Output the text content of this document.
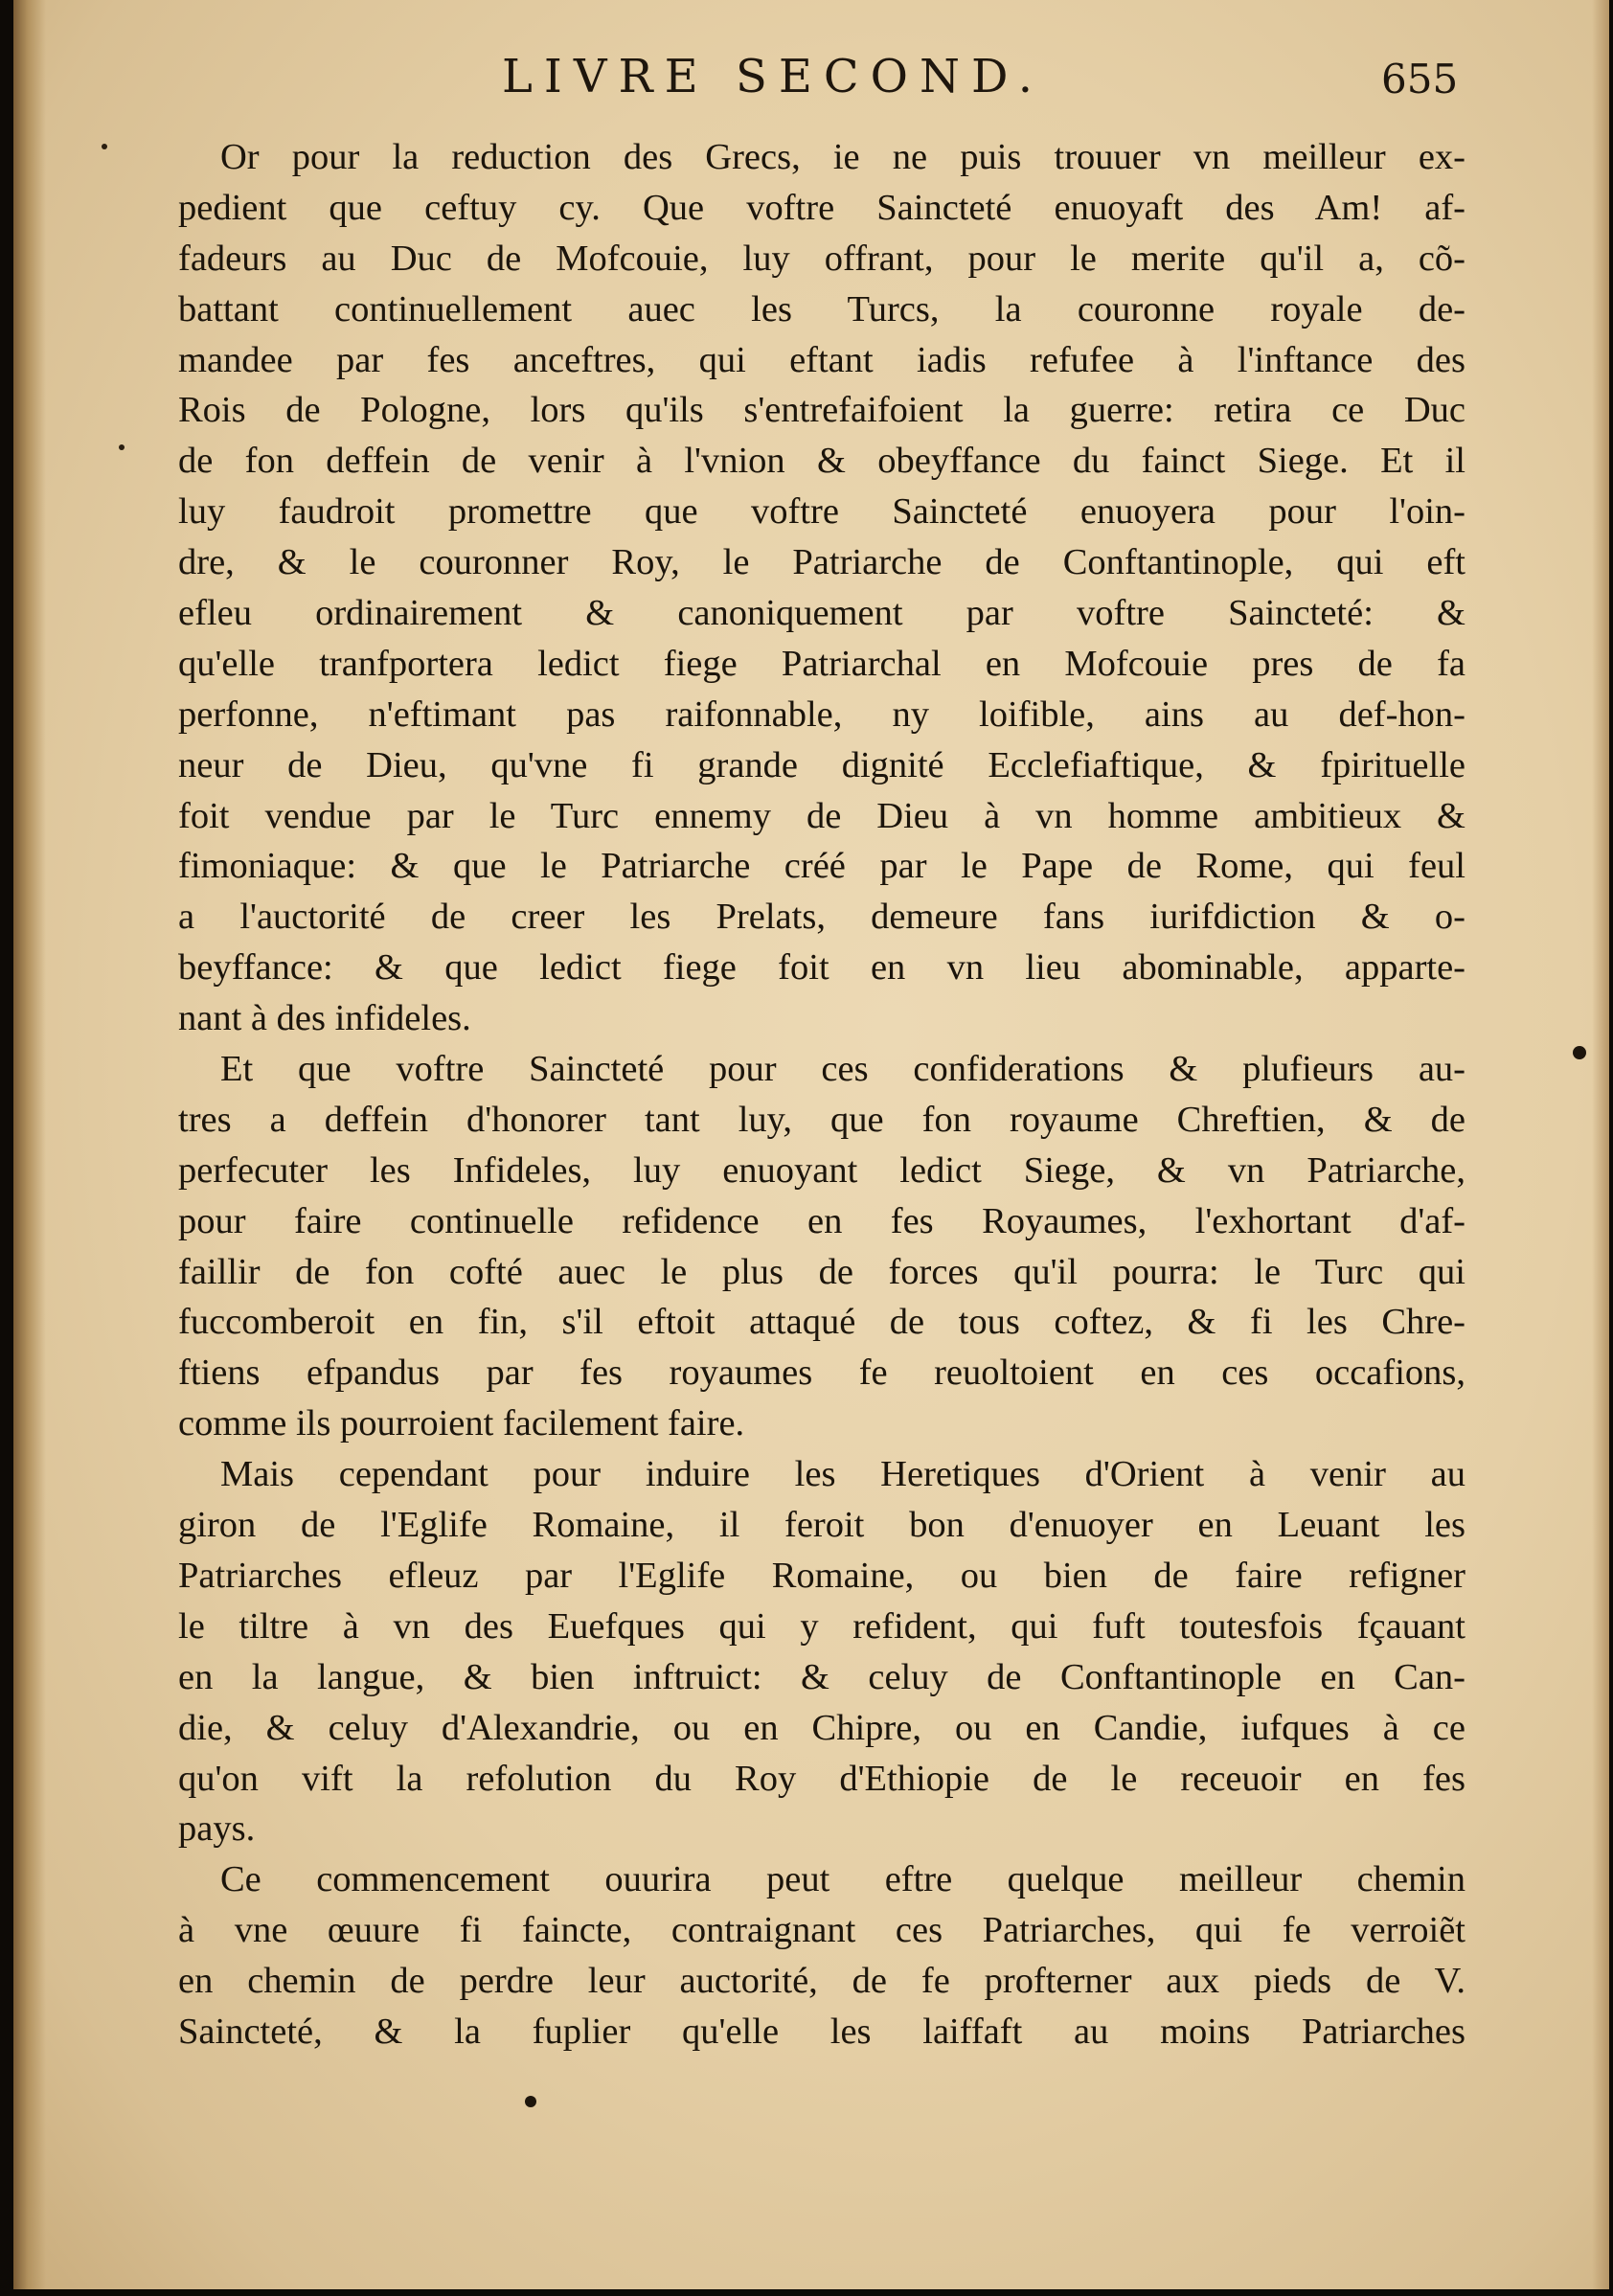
LIVRE SECOND.	655
Or pour la reduction des Grecs, ie ne puis trouuer vn meilleur ex-
pedient que ceftuy cy. Que voftre Saincteté enuoyaft des Am! af-
fadeurs au Duc de Mofcouie, luy offrant, pour le merite qu'il a, cõ-
battant continuellement auec les Turcs, la couronne royale de-
mandee par fes anceftres, qui eftant iadis refufee à l'inftance des
Rois de Pologne, lors qu'ils s'entrefaifoient la guerre: retira ce Duc
de fon deffein de venir à l'vnion & obeyffance du fainct Siege. Et il
luy faudroit promettre que voftre Saincteté enuoyera pour l'oin-
dre, & le couronner Roy, le Patriarche de Conftantinople, qui eft
efleu ordinairement & canoniquement par voftre Saincteté: &
qu'elle tranfportera ledict fiege Patriarchal en Mofcouie pres de fa
perfonne, n'eftimant pas raifonnable, ny loifible, ains au def-hon-
neur de Dieu, qu'vne fi grande dignité Ecclefiaftique, & fpirituelle
foit vendue par le Turc ennemy de Dieu à vn homme ambitieux &
fimoniaque: & que le Patriarche créé par le Pape de Rome, qui feul
a l'auctorité de creer les Prelats, demeure fans iurifdiction & o-
beyffance: & que ledict fiege foit en vn lieu abominable, apparte-
nant à des infideles.
Et que voftre Saincteté pour ces confiderations & plufieurs au-
tres a deffein d'honorer tant luy, que fon royaume Chreftien, & de
perfecuter les Infideles, luy enuoyant ledict Siege, & vn Patriarche,
pour faire continuelle refidence en fes Royaumes, l'exhortant d'af-
faillir de fon cofté auec le plus de forces qu'il pourra: le Turc qui
fuccomberoit en fin, s'il eftoit attaqué de tous coftez, & fi les Chre-
ftiens efpandus par fes royaumes fe reuoltoient en ces occafions,
comme ils pourroient facilement faire.
Mais cependant pour induire les Heretiques d'Orient à venir au
giron de l'Eglife Romaine, il feroit bon d'enuoyer en Leuant les
Patriarches efleuz par l'Eglife Romaine, ou bien de faire refigner
le tiltre à vn des Euefques qui y refident, qui fuft toutesfois fçauant
en la langue, & bien inftruict: & celuy de Conftantinople en Can-
die, & celuy d'Alexandrie, ou en Chipre, ou en Candie, iufques à ce
qu'on vift la refolution du Roy d'Ethiopie de le receuoir en fes
pays.
Ce commencement ouurira peut eftre quelque meilleur chemin
à vne œuure fi faincte, contraignant ces Patriarches, qui fe verroiẽt
en chemin de perdre leur auctorité, de fe profterner aux pieds de V.
Saincteté, & la fuplier qu'elle les laiffaft au moins Patriarches
